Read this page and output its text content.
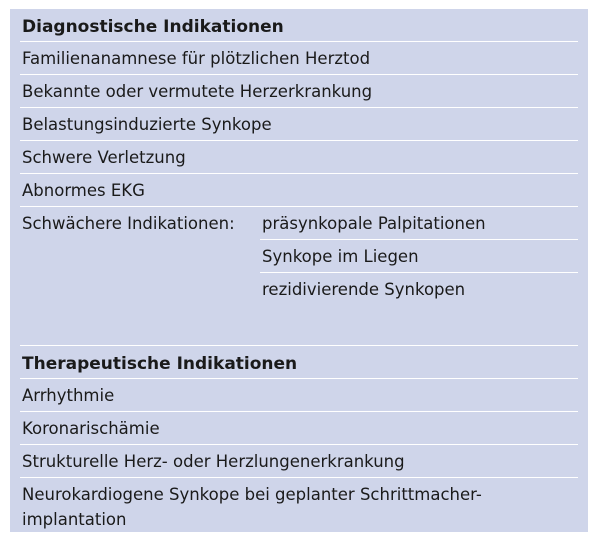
Diagnostische Indikationen
Familienanamnese für plötzlichen Herztod
Bekannte oder vermutete Herzerkrankung
Belastungsinduzierte Synkope
Schwere Verletzung
Abnormes EKG
Schwächere Indikationen: präsynkopale Palpitationen
Synkope im Liegen
rezidivierende Synkopen
Therapeutische Indikationen
Arrhythmie
Koronarischämie
Strukturelle Herz- oder Herzlungenerkrankung
Neurokardiogene Synkope bei geplanter Schrittmacher-
implantation
